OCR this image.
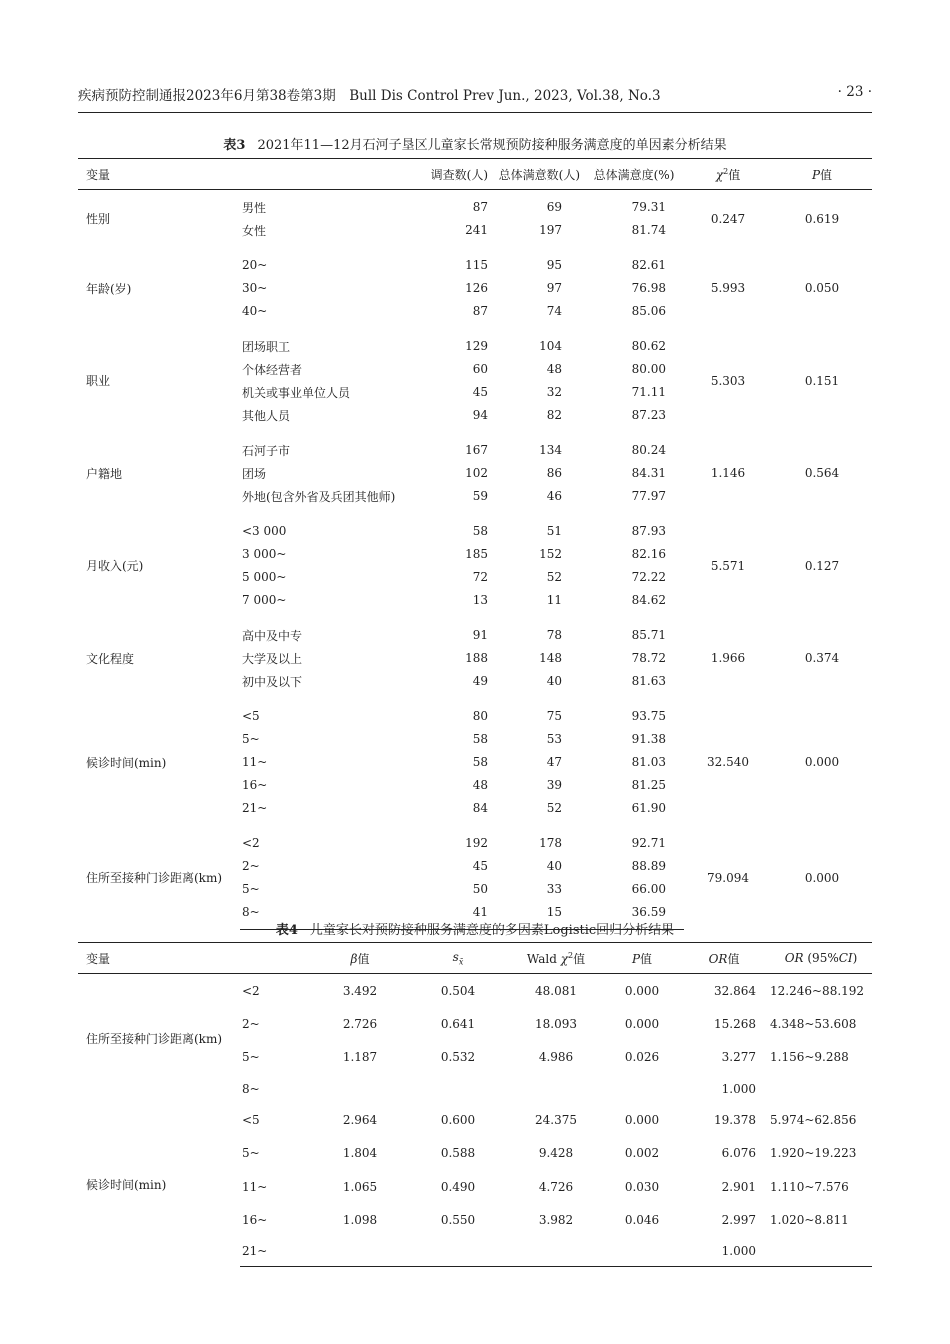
疾病预防控制通报2023年6月第38卷第3期　Bull Dis Control Prev Jun., 2023, Vol.38, No.3	· 23 ·
表3 2021年11—12月石河子垦区儿童家长常规预防接种服务满意度的单因素分析结果
变量		调查数(人)	总体满意数(人)	总体满意度(%)	$\chi^2$值	P值
性别	男性	87	69	79.31	0.247	0.619
	女性	241	197	81.74		
年龄(岁)	20~	115	95	82.61	5.993	0.050
	30~	126	97	76.98		
	40~	87	74	85.06		
职业	团场职工	129	104	80.62	5.303	0.151
	个体经营者	60	48	80.00		
	机关或事业单位人员	45	32	71.11		
	其他人员	94	82	87.23		
户籍地	石河子市	167	134	80.24	1.146	0.564
	团场	102	86	84.31		
	外地(包含外省及兵团其他师)	59	46	77.97		
月收入(元)	<3 000	58	51	87.93	5.571	0.127
	3 000~	185	152	82.16		
	5 000~	72	52	72.22		
	7 000~	13	11	84.62		
文化程度	高中及中专	91	78	85.71	1.966	0.374
	大学及以上	188	148	78.72		
	初中及以下	49	40	81.63		
候诊时间(min)	<5	80	75	93.75	32.540	0.000
	5~	58	53	91.38		
	11~	58	47	81.03		
	16~	48	39	81.25		
	21~	84	52	61.90		
住所至接种门诊距离(km)	<2	192	178	92.71	79.094	0.000
	2~	45	40	88.89		
	5~	50	33	66.00		
	8~	41	15	36.59		
表4 儿童家长对预防接种服务满意度的多因素Logistic回归分析结果
变量		β值	$s_{x̄}$	Wald $\chi^2$值	P值	OR值	OR (95%CI)
住所至接种门诊距离(km)	<2	3.492	0.504	48.081	0.000	32.864	12.246~88.192
	2~	2.726	0.641	18.093	0.000	15.268	4.348~53.608
	5~	1.187	0.532	4.986	0.026	3.277	1.156~9.288
	8~					1.000	
候诊时间(min)	<5	2.964	0.600	24.375	0.000	19.378	5.974~62.856
	5~	1.804	0.588	9.428	0.002	6.076	1.920~19.223
	11~	1.065	0.490	4.726	0.030	2.901	1.110~7.576
	16~	1.098	0.550	3.982	0.046	2.997	1.020~8.811
	21~					1.000	
